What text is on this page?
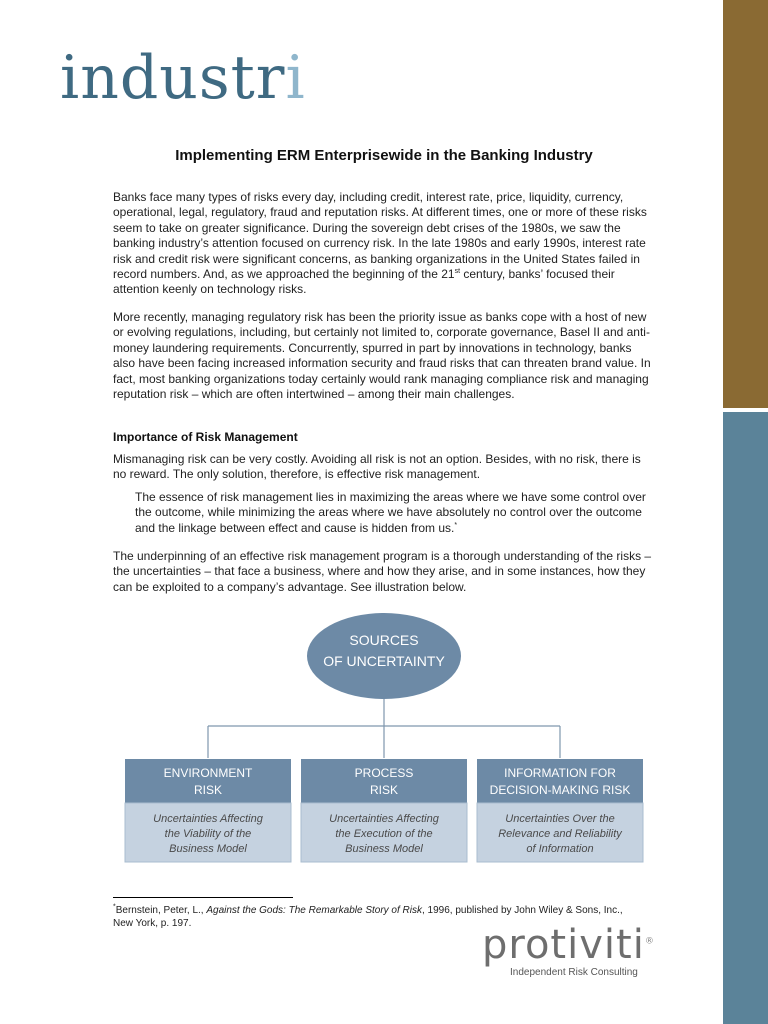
industri
Implementing ERM Enterprisewide in the Banking Industry

Banks face many types of risks every day, including credit, interest rate, price, liquidity, currency, operational, legal, regulatory, fraud and reputation risks. At different times, one or more of these risks seem to take on greater significance. During the sovereign debt crises of the 1980s, we saw the banking industry’s attention focused on currency risk. In the late 1980s and early 1990s, interest rate risk and credit risk were significant concerns, as banking organizations in the United States failed in record numbers. And, as we approached the beginning of the 21st century, banks’ focused their attention keenly on technology risks.

More recently, managing regulatory risk has been the priority issue as banks cope with a host of new or evolving regulations, including, but certainly not limited to, corporate governance, Basel II and anti-money laundering requirements. Concurrently, spurred in part by innovations in technology, banks also have been facing increased information security and fraud risks that can threaten brand value. In fact, most banking organizations today certainly would rank managing compliance risk and managing reputation risk – which are often intertwined – among their main challenges.

Importance of Risk Management

Mismanaging risk can be very costly. Avoiding all risk is not an option. Besides, with no risk, there is no reward. The only solution, therefore, is effective risk management.

The essence of risk management lies in maximizing the areas where we have some control over the outcome, while minimizing the areas where we have absolutely no control over the outcome and the linkage between effect and cause is hidden from us.*

The underpinning of an effective risk management program is a thorough understanding of the risks – the uncertainties – that face a business, where and how they arise, and in some instances, how they can be exploited to a company’s advantage. See illustration below.

SOURCES
OF UNCERTAINTY
ENVIRONMENT
RISK
Uncertainties Affecting
the Viability of the
Business Model
PROCESS
RISK
Uncertainties Affecting
the Execution of the
Business Model
INFORMATION FOR
DECISION-MAKING RISK
Uncertainties Over the
Relevance and Reliability
of Information
*Bernstein, Peter, L., Against the Gods: The Remarkable Story of Risk, 1996, published by John Wiley & Sons, Inc., New York, p. 197.	protiviti®
Independent Risk Consulting
